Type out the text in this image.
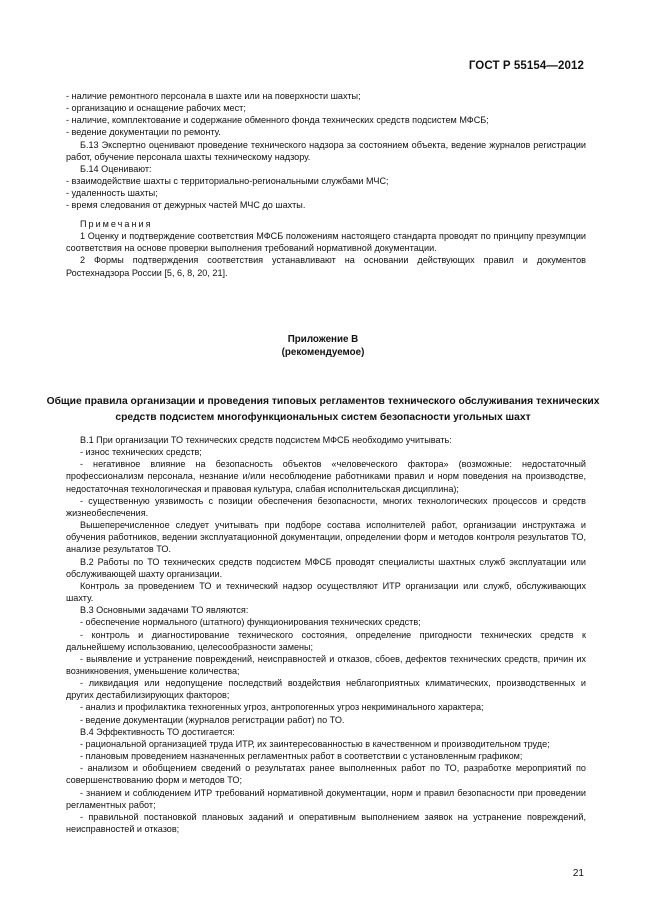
ГОСТ Р 55154—2012

- наличие ремонтного персонала в шахте или на поверхности шахты;

- организацию и оснащение рабочих мест;

- наличие, комплектование и содержание обменного фонда технических средств подсистем МФСБ;

- ведение документации по ремонту.

Б.13 Экспертно оценивают проведение технического надзора за состоянием объекта, ведение журналов регистрации работ, обучение персонала шахты техническому надзору.

Б.14 Оценивают:

- взаимодействие шахты с территориально-региональными службами МЧС;

- удаленность шахты;

- время следования от дежурных частей МЧС до шахты.

Примечания

1 Оценку и подтверждение соответствия МФСБ положениям настоящего стандарта проводят по принципу презумпции соответствия на основе проверки выполнения требований нормативной документации.

2 Формы подтверждения соответствия устанавливают на основании действующих правил и документов Ростехнадзора России [5, 6, 8, 20, 21].

Приложение В
(рекомендуемое)
Общие правила организации и проведения типовых регламентов технического обслуживания технических средств подсистем многофункциональных систем безопасности угольных шахт

В.1 При организации ТО технических средств подсистем МФСБ необходимо учитывать:

- износ технических средств;

- негативное влияние на безопасность объектов «человеческого фактора» (возможные: недостаточный профессионализм персонала, незнание и/или несоблюдение работниками правил и норм поведения на производстве, недостаточная технологическая и правовая культура, слабая исполнительская дисциплина);

- существенную уязвимость с позиции обеспечения безопасности, многих технологических процессов и средств жизнеобеспечения.

Вышеперечисленное следует учитывать при подборе состава исполнителей работ, организации инструктажа и обучения работников, ведении эксплуатационной документации, определении форм и методов контроля результатов ТО, анализе результатов ТО.

В.2 Работы по ТО технических средств подсистем МФСБ проводят специалисты шахтных служб эксплуатации или обслуживающей шахту организации.

Контроль за проведением ТО и технический надзор осуществляют ИТР организации или служб, обслуживающих шахту.

В.3 Основными задачами ТО являются:

- обеспечение нормального (штатного) функционирования технических средств;

- контроль и диагностирование технического состояния, определение пригодности технических средств к дальнейшему использованию, целесообразности замены;

- выявление и устранение повреждений, неисправностей и отказов, сбоев, дефектов технических средств, причин их возникновения, уменьшение количества;

- ликвидация или недопущение последствий воздействия неблагоприятных климатических, производственных и других дестабилизирующих факторов;

- анализ и профилактика техногенных угроз, антропогенных угроз некриминального характера;

- ведение документации (журналов регистрации работ) по ТО.

В.4 Эффективность ТО достигается:

- рациональной организацией труда ИТР, их заинтересованностью в качественном и производительном труде;

- плановым проведением назначенных регламентных работ в соответствии с установленным графиком;

- анализом и обобщением сведений о результатах ранее выполненных работ по ТО, разработке мероприятий по совершенствованию форм и методов ТО;

- знанием и соблюдением ИТР требований нормативной документации, норм и правил безопасности при проведении регламентных работ;

- правильной постановкой плановых заданий и оперативным выполнением заявок на устранение повреждений, неисправностей и отказов;

21
